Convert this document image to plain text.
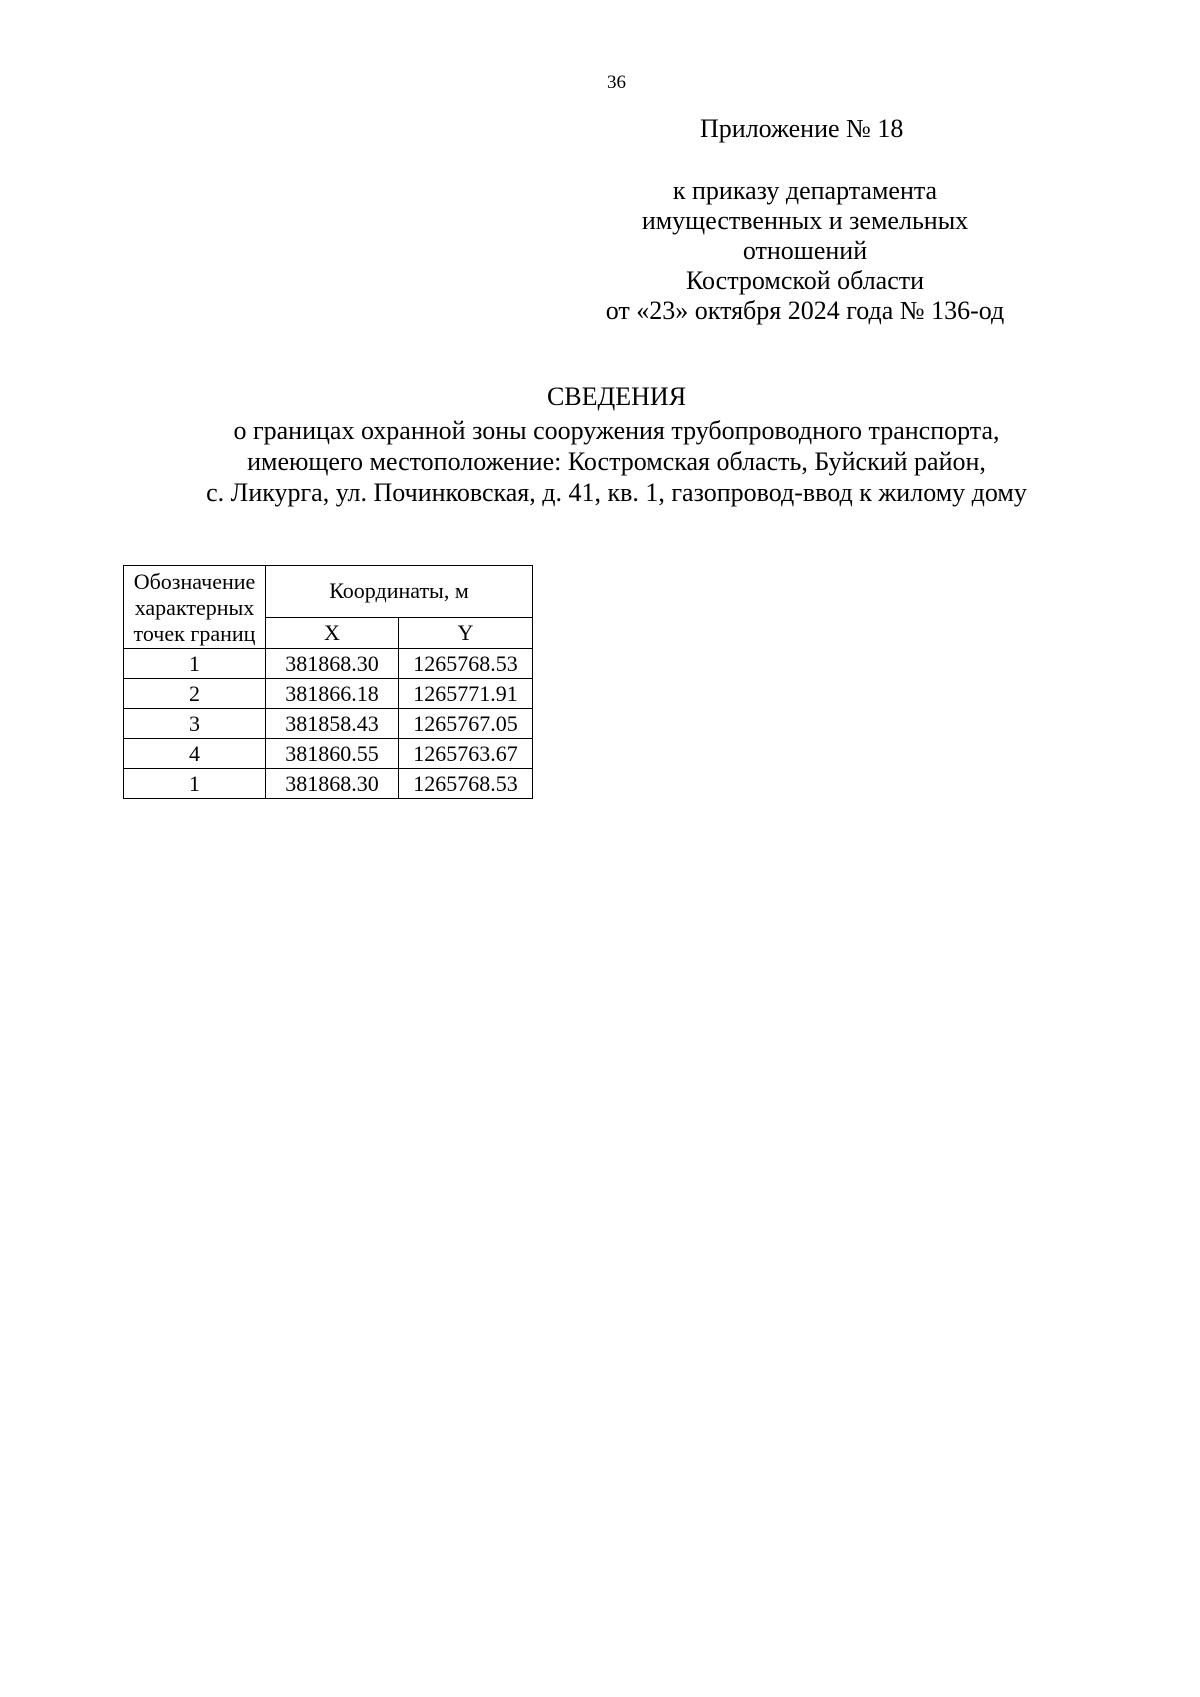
36
Приложение № 18
к приказу департамента
имущественных и земельных
отношений
Костромской области
от «23» октября 2024 года № 136-од
СВЕДЕНИЯ
о границах охранной зоны сооружения трубопроводного транспорта,
имеющего местоположение: Костромская область, Буйский район,
с. Ликурга, ул. Починковская, д. 41, кв. 1, газопровод-ввод к жилому дому
Обозначение
характерных
точек границ	Координаты, м	
	X	Y
1	381868.30	1265768.53
2	381866.18	1265771.91
3	381858.43	1265767.05
4	381860.55	1265763.67
1	381868.30	1265768.53
